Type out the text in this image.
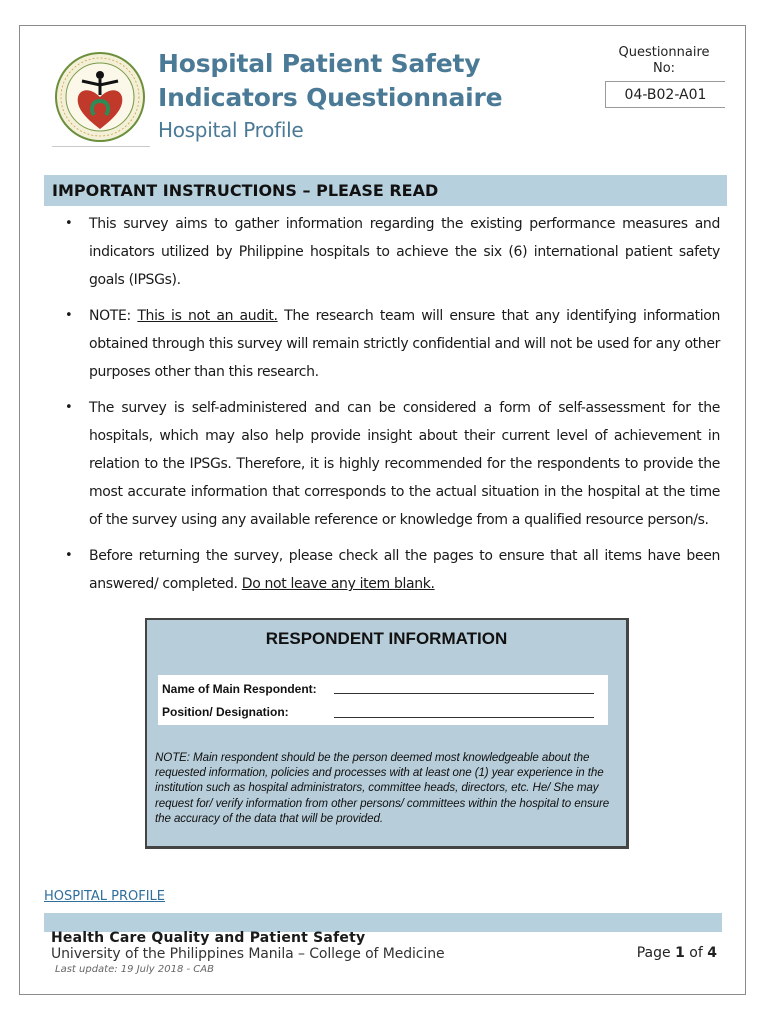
Hospital Patient Safety
Indicators Questionnaire
Hospital Profile
Questionnaire No:
04-B02-A01
IMPORTANT INSTRUCTIONS – PLEASE READ
• This survey aims to gather information regarding the existing performance measures and indicators utilized by Philippine hospitals to achieve the six (6) international patient safety goals (IPSGs).
• NOTE: This is not an audit. The research team will ensure that any identifying information obtained through this survey will remain strictly confidential and will not be used for any other purposes other than this research.
• The survey is self-administered and can be considered a form of self-assessment for the hospitals, which may also help provide insight about their current level of achievement in relation to the IPSGs. Therefore, it is highly recommended for the respondents to provide the most accurate information that corresponds to the actual situation in the hospital at the time of the survey using any available reference or knowledge from a qualified resource person/s.
• Before returning the survey, please check all the pages to ensure that all items have been answered/ completed. Do not leave any item blank.
RESPONDENT INFORMATION
Name of Main Respondent:
Position/ Designation:
NOTE: Main respondent should be the person deemed most knowledgeable about the requested information, policies and processes with at least one (1) year experience in the institution such as hospital administrators, committee heads, directors, etc. He/ She may request for/ verify information from other persons/ committees within the hospital to ensure the accuracy of the data that will be provided.
HOSPITAL PROFILE
Health Care Quality and Patient Safety
University of the Philippines Manila – College of Medicine
Last update: 19 July 2018 - CAB
Page 1 of 4
